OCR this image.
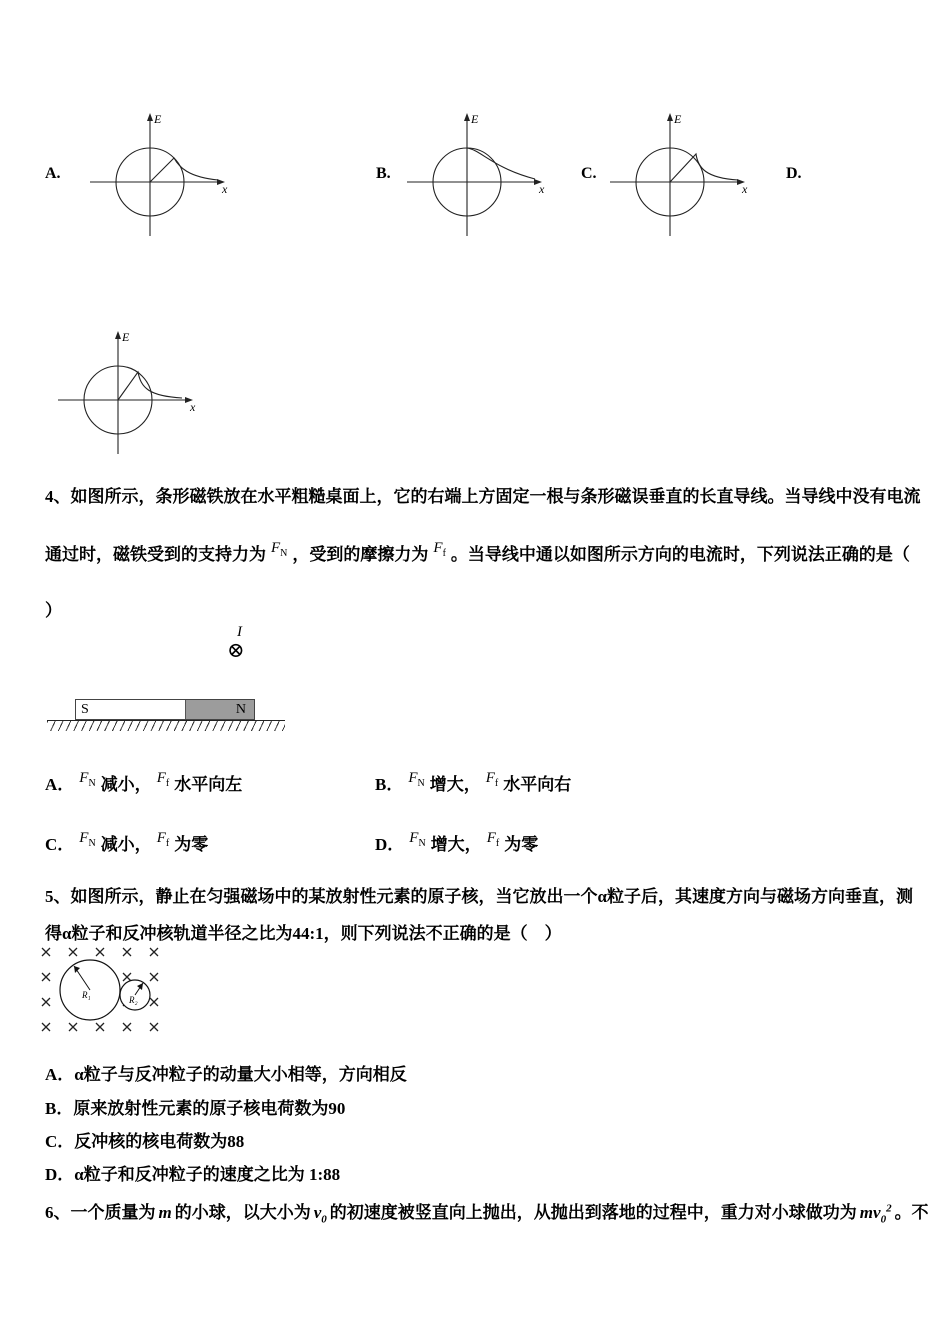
A.
E
x
B.
E
x
C.
E
x
D.
E
x
4、如图所示，条形磁铁放在水平粗糙桌面上，它的右端上方固定一根与条形磁误垂直的长直导线。当导线中没有电流
通过时，磁铁受到的支持力为 $F_N$ ，受到的摩擦力为 $F_f$ 。当导线中通以如图所示方向的电流时，下列说法正确的是（
）
I
⊗
S	N
A． $F_N$ 减小， $F_f$ 水平向左	B． $F_N$ 增大， $F_f$ 水平向右
C． $F_N$ 减小， $F_f$ 为零	D． $F_N$ 增大， $F_f$ 为零
5、如图所示，静止在匀强磁场中的某放射性元素的原子核，当它放出一个α粒子后，其速度方向与磁场方向垂直，测
得α粒子和反冲核轨道半径之比为44:1，则下列说法不正确的是（　）
R₁	R₂
A．α粒子与反冲粒子的动量大小相等，方向相反
B．原来放射性元素的原子核电荷数为90
C．反冲核的核电荷数为88
D．α粒子和反冲粒子的速度之比为 1:88
6、一个质量为 m 的小球，以大小为 $v_0$ 的初速度被竖直向上抛出，从抛出到落地的过程中，重力对小球做功为 $mv_0^2$ 。不
